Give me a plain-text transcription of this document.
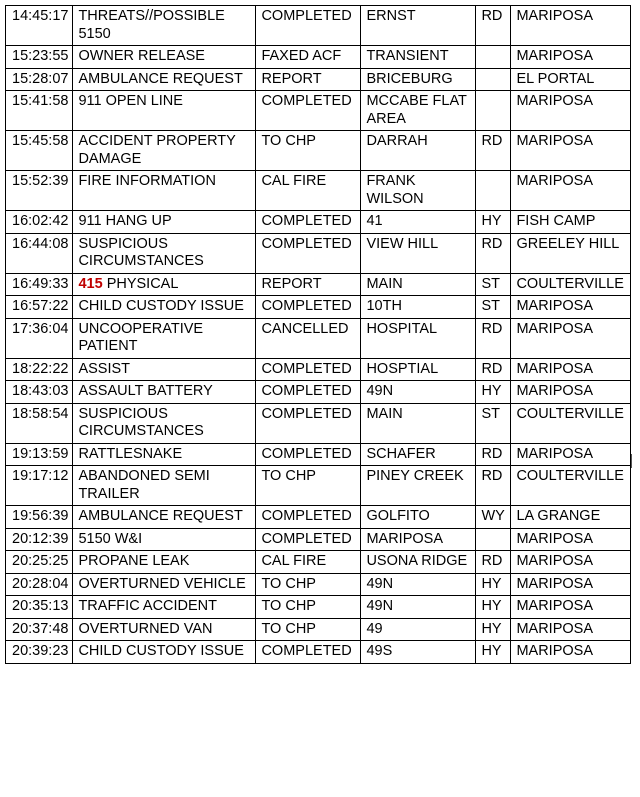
14:45:17	THREATS//POSSIBLE 5150	COMPLETED	ERNST	RD	MARIPOSA
15:23:55	OWNER RELEASE	FAXED ACF	TRANSIENT		MARIPOSA
15:28:07	AMBULANCE REQUEST	REPORT	BRICEBURG		EL PORTAL
15:41:58	911 OPEN LINE	COMPLETED	MCCABE FLAT AREA		MARIPOSA
15:45:58	ACCIDENT PROPERTY DAMAGE	TO CHP	DARRAH	RD	MARIPOSA
15:52:39	FIRE INFORMATION	CAL FIRE	FRANK WILSON		MARIPOSA
16:02:42	911 HANG UP	COMPLETED	41	HY	FISH CAMP
16:44:08	SUSPICIOUS CIRCUMSTANCES	COMPLETED	VIEW HILL	RD	GREELEY HILL
16:49:33	415 PHYSICAL	REPORT	MAIN	ST	COULTERVILLE
16:57:22	CHILD CUSTODY ISSUE	COMPLETED	10TH	ST	MARIPOSA
17:36:04	UNCOOPERATIVE PATIENT	CANCELLED	HOSPITAL	RD	MARIPOSA
18:22:22	ASSIST	COMPLETED	HOSPTIAL	RD	MARIPOSA
18:43:03	ASSAULT BATTERY	COMPLETED	49N	HY	MARIPOSA
18:58:54	SUSPICIOUS CIRCUMSTANCES	COMPLETED	MAIN	ST	COULTERVILLE
19:13:59	RATTLESNAKE	COMPLETED	SCHAFER	RD	MARIPOSA
19:17:12	ABANDONED SEMI TRAILER	TO CHP	PINEY CREEK	RD	COULTERVILLE
19:56:39	AMBULANCE REQUEST	COMPLETED	GOLFITO	WY	LA GRANGE
20:12:39	5150 W&I	COMPLETED	MARIPOSA		MARIPOSA
20:25:25	PROPANE LEAK	CAL FIRE	USONA RIDGE	RD	MARIPOSA
20:28:04	OVERTURNED VEHICLE	TO CHP	49N	HY	MARIPOSA
20:35:13	TRAFFIC ACCIDENT	TO CHP	49N	HY	MARIPOSA
20:37:48	OVERTURNED VAN	TO CHP	49	HY	MARIPOSA
20:39:23	CHILD CUSTODY ISSUE	COMPLETED	49S	HY	MARIPOSA
